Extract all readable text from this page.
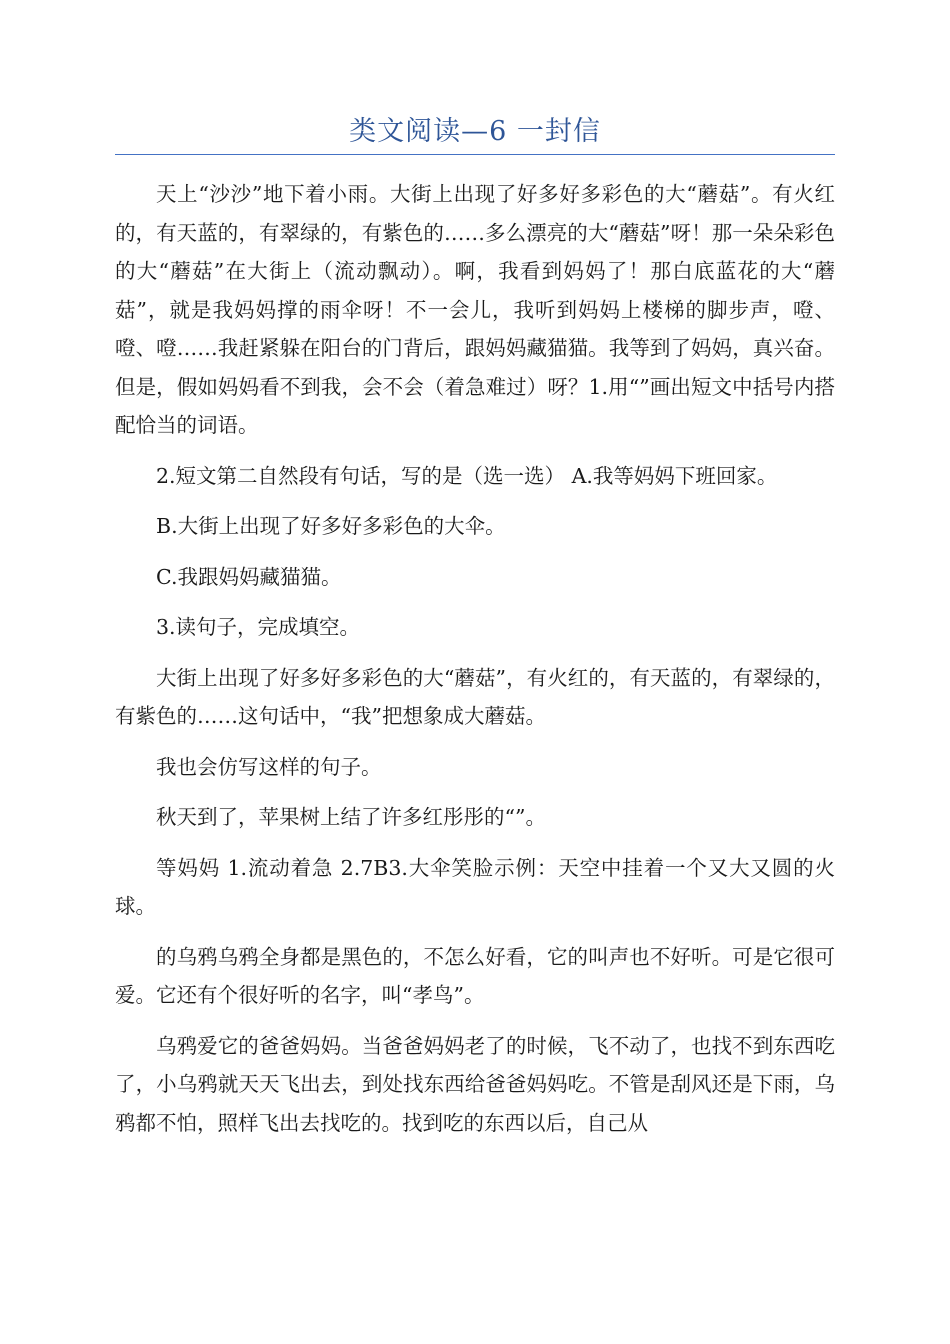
类文阅读—6 一封信

天上“沙沙”地下着小雨。大街上出现了好多好多彩色的大“蘑菇”。有火红的，有天蓝的，有翠绿的，有紫色的……多么漂亮的大“蘑菇”呀！那一朵朵彩色的大“蘑菇”在大街上（流动飘动）。啊，我看到妈妈了！那白底蓝花的大“蘑菇”，就是我妈妈撑的雨伞呀！不一会儿，我听到妈妈上楼梯的脚步声，噔、噔、噔……我赶紧躲在阳台的门背后，跟妈妈藏猫猫。我等到了妈妈，真兴奋。但是，假如妈妈看不到我，会不会（着急难过）呀？1.用“”画出短文中括号内搭配恰当的词语。

2.短文第二自然段有句话，写的是（选一选） A.我等妈妈下班回家。

B.大街上出现了好多好多彩色的大伞。

C.我跟妈妈藏猫猫。

3.读句子，完成填空。

大街上出现了好多好多彩色的大“蘑菇”，有火红的，有天蓝的，有翠绿的，有紫色的……这句话中，“我”把想象成大蘑菇。

我也会仿写这样的句子。

秋天到了，苹果树上结了许多红彤彤的“”。

等妈妈 1.流动着急 2.7B3.大伞笑脸示例：天空中挂着一个又大又圆的火球。

的乌鸦乌鸦全身都是黑色的，不怎么好看，它的叫声也不好听。可是它很可爱。它还有个很好听的名字，叫“孝鸟”。

乌鸦爱它的爸爸妈妈。当爸爸妈妈老了的时候，飞不动了，也找不到东西吃了，小乌鸦就天天飞出去，到处找东西给爸爸妈妈吃。不管是刮风还是下雨，乌鸦都不怕，照样飞出去找吃的。找到吃的东西以后，自己从
